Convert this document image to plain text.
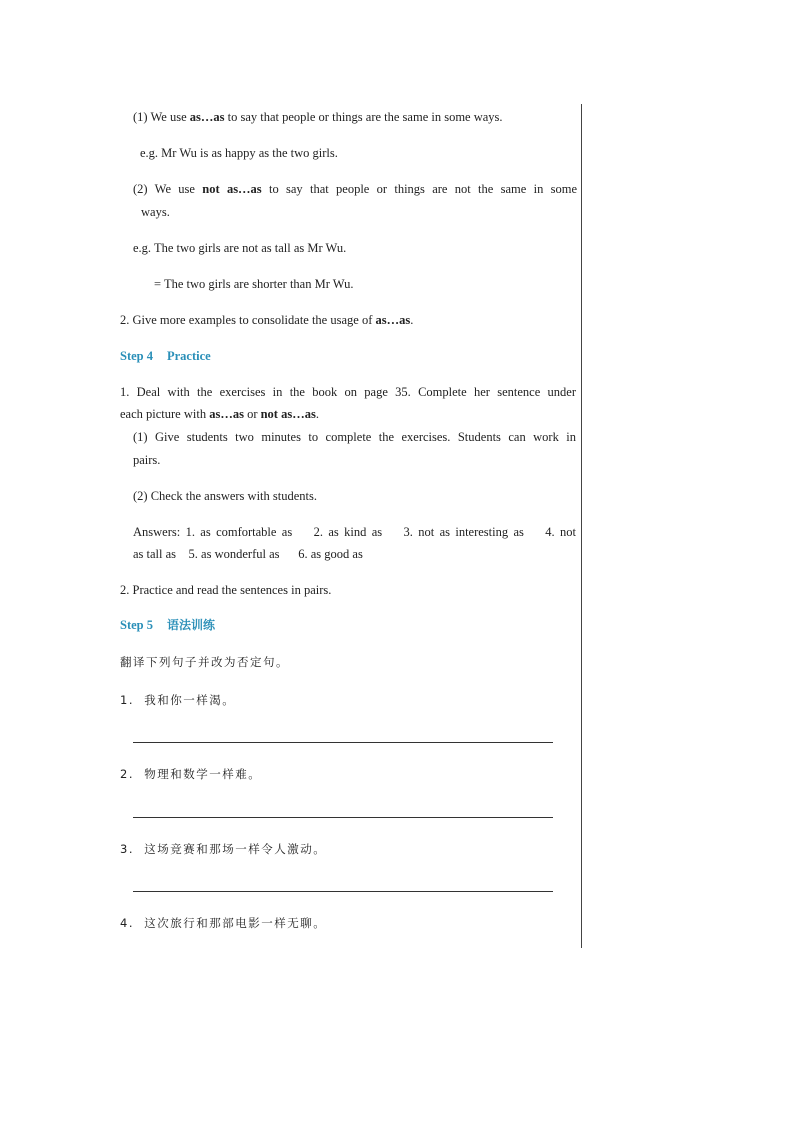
(1) We use as…as to say that people or things are the same in some ways.
e.g. Mr Wu is as happy as the two girls.
(2) We use not as…as to say that people or things are not the same in some
ways.
e.g. The two girls are not as tall as Mr Wu.
= The two girls are shorter than Mr Wu.
2. Give more examples to consolidate the usage of as…as.
Step 4 Practice
1. Deal with the exercises in the book on page 35. Complete her sentence under
each picture with as…as or not as…as.
(1) Give students two minutes to complete the exercises. Students can work in
pairs.
(2) Check the answers with students.
Answers: 1. as comfortable as    2. as kind as    3. not as interesting as    4. not
as tall as    5. as wonderful as      6. as good as
2. Practice and read the sentences in pairs.
Step 5 语法训练
翻译下列句子并改为否定句。
1.  我和你一样渴。
2.  物理和数学一样难。
3.  这场竞赛和那场一样令人激动。
4.  这次旅行和那部电影一样无聊。
